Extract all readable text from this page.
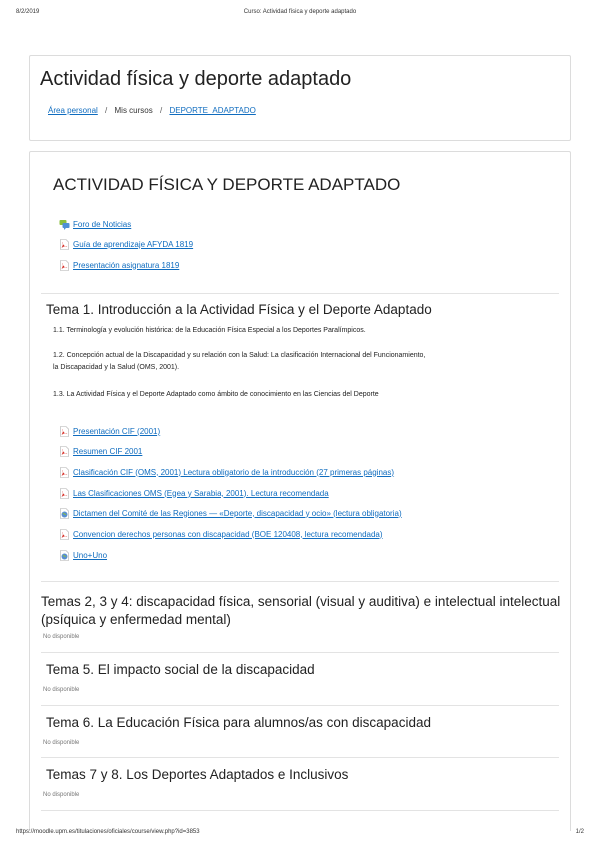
8/2/2019	Curso: Actividad física y deporte adaptado
Actividad física y deporte adaptado
Área personal / Mis cursos / DEPORTE_ADAPTADO
ACTIVIDAD FÍSICA Y DEPORTE ADAPTADO
Foro de Noticias
Guía de aprendizaje AFYDA 1819
Presentación asignatura 1819
Tema 1. Introducción a la Actividad Física y el Deporte Adaptado
1.1. Terminología y evolución histórica: de la Educación Física Especial a los Deportes Paralímpicos.
1.2. Concepción actual de la Discapacidad y su relación con la Salud: La clasificación Internacional del Funcionamiento,
la Discapacidad y la Salud (OMS, 2001).
1.3. La Actividad Física y el Deporte Adaptado como ámbito de conocimiento en las Ciencias del Deporte
Presentación CIF (2001)
Resumen CIF 2001
Clasificación CIF (OMS, 2001) Lectura obligatorio de la introducción (27 primeras páginas)
Las Clasificaciones OMS (Egea y Sarabia, 2001). Lectura recomendada
Dictamen del Comité de las Regiones — «Deporte, discapacidad y ocio» (lectura obligatoria)
Convencion derechos personas con discapacidad (BOE 120408, lectura recomendada)
Uno+Uno
Temas 2, 3 y 4: discapacidad física, sensorial (visual y auditiva) e intelectual intelectual (psíquica y enfermedad mental)
No disponible
Tema 5. El impacto social de la discapacidad
No disponible
Tema 6. La Educación Física para alumnos/as con discapacidad
No disponible
Temas 7 y 8. Los Deportes Adaptados e Inclusivos
No disponible
https://moodle.upm.es/titulaciones/oficiales/course/view.php?id=3853	1/2
